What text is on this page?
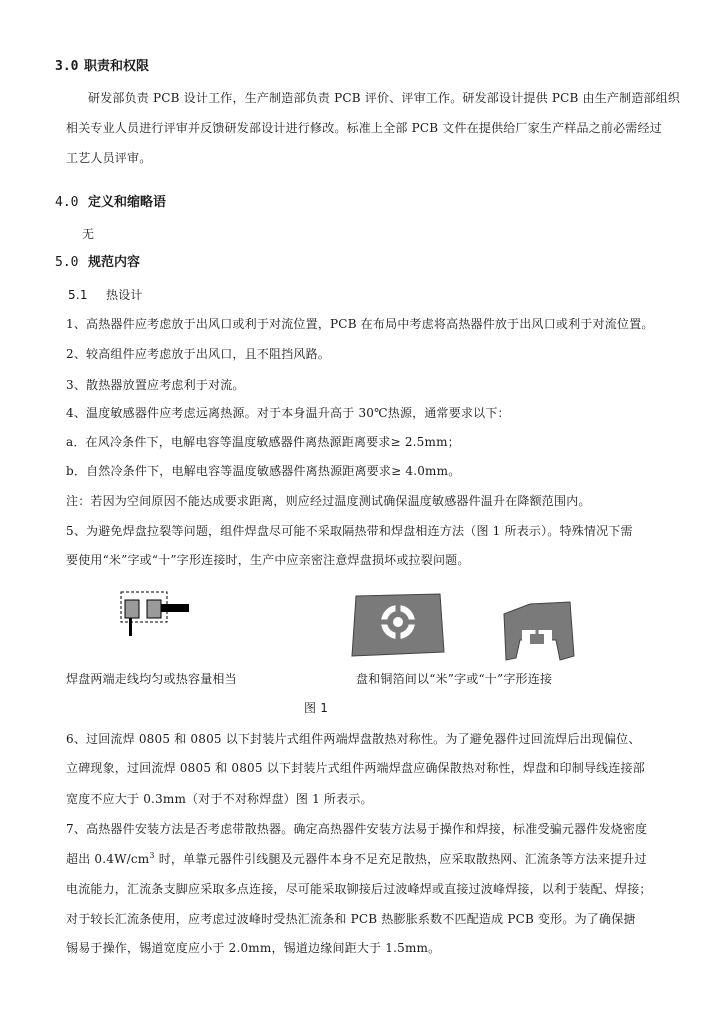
3.0 职责和权限
研发部负责 PCB 设计工作，生产制造部负责 PCB 评价、评审工作。研发部设计提供 PCB 由生产制造部组织
相关专业人员进行评审并反馈研发部设计进行修改。标准上全部 PCB 文件在提供给厂家生产样品之前必需经过
工艺人员评审。
4.0 定义和缩略语
无
5.0 规范内容
5.1 热设计
1、高热器件应考虑放于出风口或利于对流位置，PCB 在布局中考虑将高热器件放于出风口或利于对流位置。
2、较高组件应考虑放于出风口，且不阻挡风路。
3、散热器放置应考虑利于对流。
4、温度敏感器件应考虑远离热源。对于本身温升高于 30℃热源，通常要求以下：
a．在风冷条件下，电解电容等温度敏感器件离热源距离要求≥ 2.5mm；
b．自然冷条件下，电解电容等温度敏感器件离热源距离要求≥ 4.0mm。
注：若因为空间原因不能达成要求距离，则应经过温度测试确保温度敏感器件温升在降额范围内。
5、为避免焊盘拉裂等问题，组件焊盘尽可能不采取隔热带和焊盘相连方法（图 1 所表示）。特殊情况下需
要使用“米”字或“十”字形连接时，生产中应亲密注意焊盘损坏或拉裂问题。
焊盘两端走线均匀或热容量相当	盘和铜箔间以“米”字或“十”字形连接
图 1
6、过回流焊 0805 和 0805 以下封装片式组件两端焊盘散热对称性。为了避免器件过回流焊后出现偏位、
立碑现象，过回流焊 0805 和 0805 以下封装片式组件两端焊盘应确保散热对称性，焊盘和印制导线连接部
宽度不应大于 0.3mm（对于不对称焊盘）图 1 所表示。
7、高热器件安装方法是否考虑带散热器。确定高热器件安装方法易于操作和焊接，标准受骗元器件发烧密度
超出 $0.4W/cm^3$ 时，单靠元器件引线腿及元器件本身不足充足散热，应采取散热网、汇流条等方法来提升过
电流能力，汇流条支脚应采取多点连接，尽可能采取铆接后过波峰焊或直接过波峰焊接，以利于装配、焊接；
对于较长汇流条使用，应考虑过波峰时受热汇流条和 PCB 热膨胀系数不匹配造成 PCB 变形。为了确保搪
锡易于操作，锡道宽度应小于 2.0mm，锡道边缘间距大于 1.5mm。
